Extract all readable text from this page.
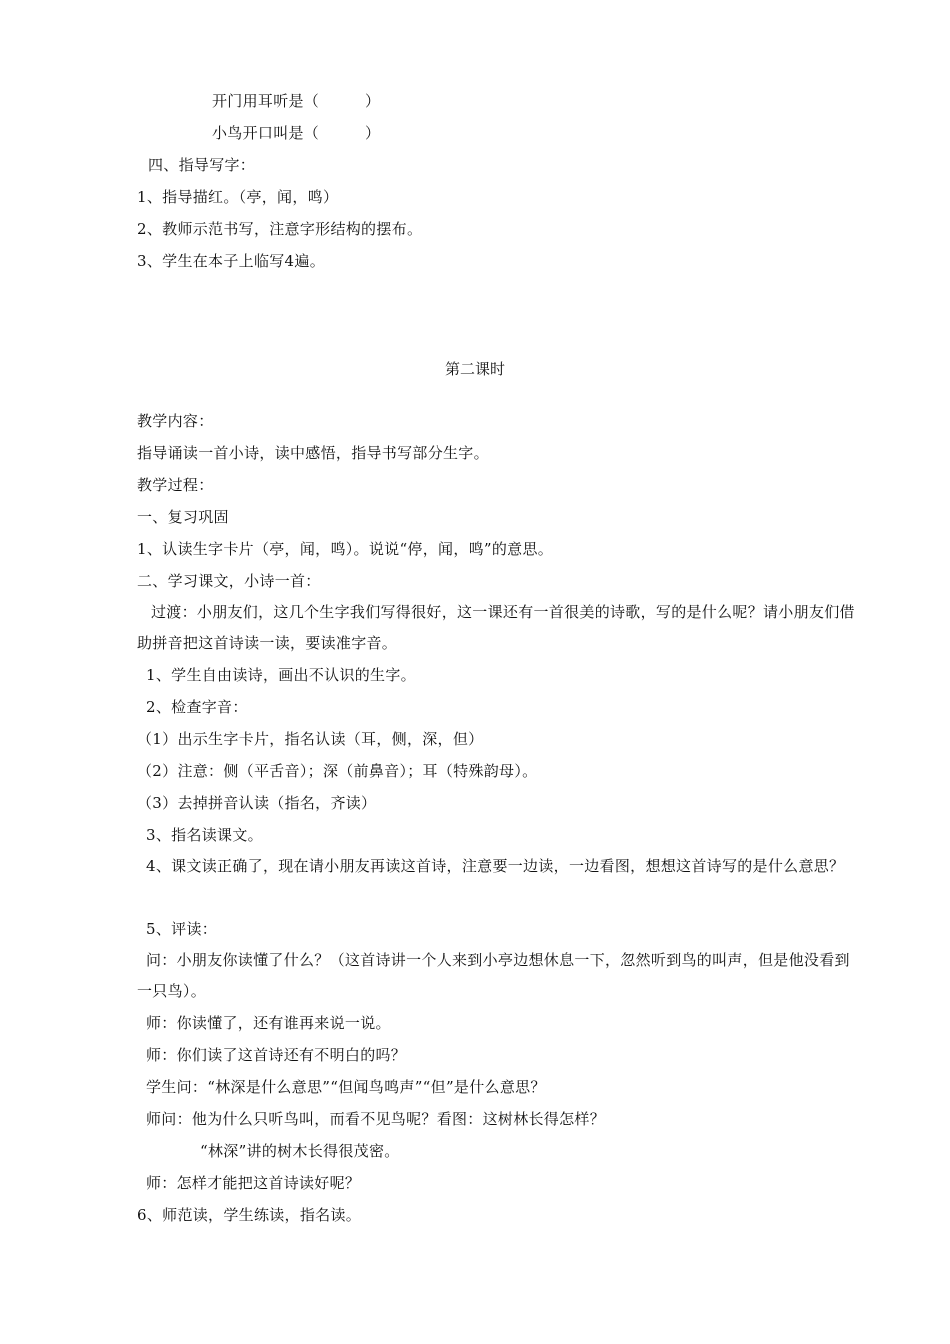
开门用耳听是（　　　）
小鸟开口叫是（　　　）
四、指导写字：
1、指导描红。（亭，闻，鸣）
2、教师示范书写，注意字形结构的摆布。
3、学生在本子上临写4遍。
第二课时
教学内容：
指导诵读一首小诗，读中感悟，指导书写部分生字。
教学过程：
一、复习巩固
1、认读生字卡片（亭，闻，鸣）。说说“停，闻，鸣”的意思。
二、学习课文，小诗一首：
过渡：小朋友们，这几个生字我们写得很好，这一课还有一首很美的诗歌，写的是什么呢？请小朋友们借助拼音把这首诗读一读，要读准字音。
1、学生自由读诗，画出不认识的生字。
2、检查字音：
（1）出示生字卡片，指名认读（耳，侧，深，但）
（2）注意：侧（平舌音）；深（前鼻音）；耳（特殊韵母）。
（3）去掉拼音认读（指名，齐读）
3、指名读课文。
4、课文读正确了，现在请小朋友再读这首诗，注意要一边读，一边看图，想想这首诗写的是什么意思？
5、评读：
问：小朋友你读懂了什么？（这首诗讲一个人来到小亭边想休息一下，忽然听到鸟的叫声，但是他没看到一只鸟）。
师：你读懂了，还有谁再来说一说。
师：你们读了这首诗还有不明白的吗？
学生问：“林深是什么意思”“但闻鸟鸣声”“但”是什么意思？
师问：他为什么只听鸟叫，而看不见鸟呢？看图：这树林长得怎样？
“林深”讲的树木长得很茂密。
师：怎样才能把这首诗读好呢？
6、师范读，学生练读，指名读。
